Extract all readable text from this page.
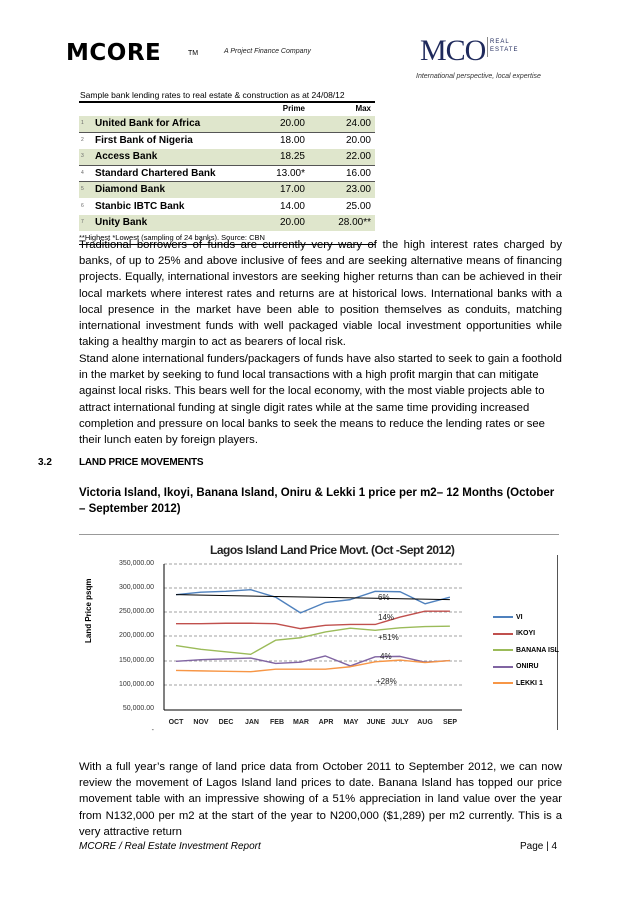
MCORE	TM	A Project Finance Company	MCO REAL
ESTATE
International perspective, local expertise
Sample bank lending rates to real estate & construction as at 24/08/12
Prime	Max
1	United Bank for Africa	20.00	24.00
2	First Bank of Nigeria	18.00	20.00
3	Access Bank	18.25	22.00
4	Standard Chartered Bank	13.00*	16.00
5	Diamond Bank	17.00	23.00
6	Stanbic IBTC Bank	14.00	25.00
7	Unity Bank	20.00	28.00**
**Highest *Lowest (sampling of 24 banks). Source: CBN
Traditional borrowers of funds are currently very wary of the high interest rates charged by banks, of up to 25% and above inclusive of fees and are seeking alternative means of financing projects. Equally, international investors are seeking higher returns than can be achieved in their local markets where interest rates and returns are at historical lows. International banks with a local presence in the market have been able to position themselves as conduits, matching international investment funds with well packaged viable local investment opportunities while taking a healthy margin to act as bearers of local risk.
Stand alone international funders/packagers of funds have also started to seek to gain a foothold in the market by seeking to fund local transactions with a high profit margin that can mitigate against local risks. This bears well for the local economy, with the most viable projects able to attract international funding at single digit rates while at the same time providing increased completion and pressure on local banks to seek the means to reduce the lending rates or see their lunch eaten by foreign players.
3.2	LAND PRICE MOVEMENTS
Victoria Island, Ikoyi, Banana Island, Oniru & Lekki 1 price per m2– 12 Months (October – September 2012)
Lagos Island Land Price Movt. (Oct -Sept 2012)
Land Price psqm
350,000.00
300,000.00
250,000.00
200,000.00
150,000.00
100,000.00
50,000.00
-
6%
14%
+51%
4%
+28%
OCT	NOV	DEC	JAN	FEB	MAR	APR	MAY	JUNE JULY	AUG	SEP
VI
IKOYI
BANANA ISL
ONIRU
LEKKI 1
With a full year’s range of land price data from October 2011 to September 2012, we can now review the movement of Lagos Island land prices to date. Banana Island has topped our price movement table with an impressive showing of a 51% appreciation in land value over the year from N132,000 per m2 at the start of the year to N200,000 ($1,289) per m2 currently. This is a very attractive return
MCORE / Real Estate Investment Report	Page | 4
